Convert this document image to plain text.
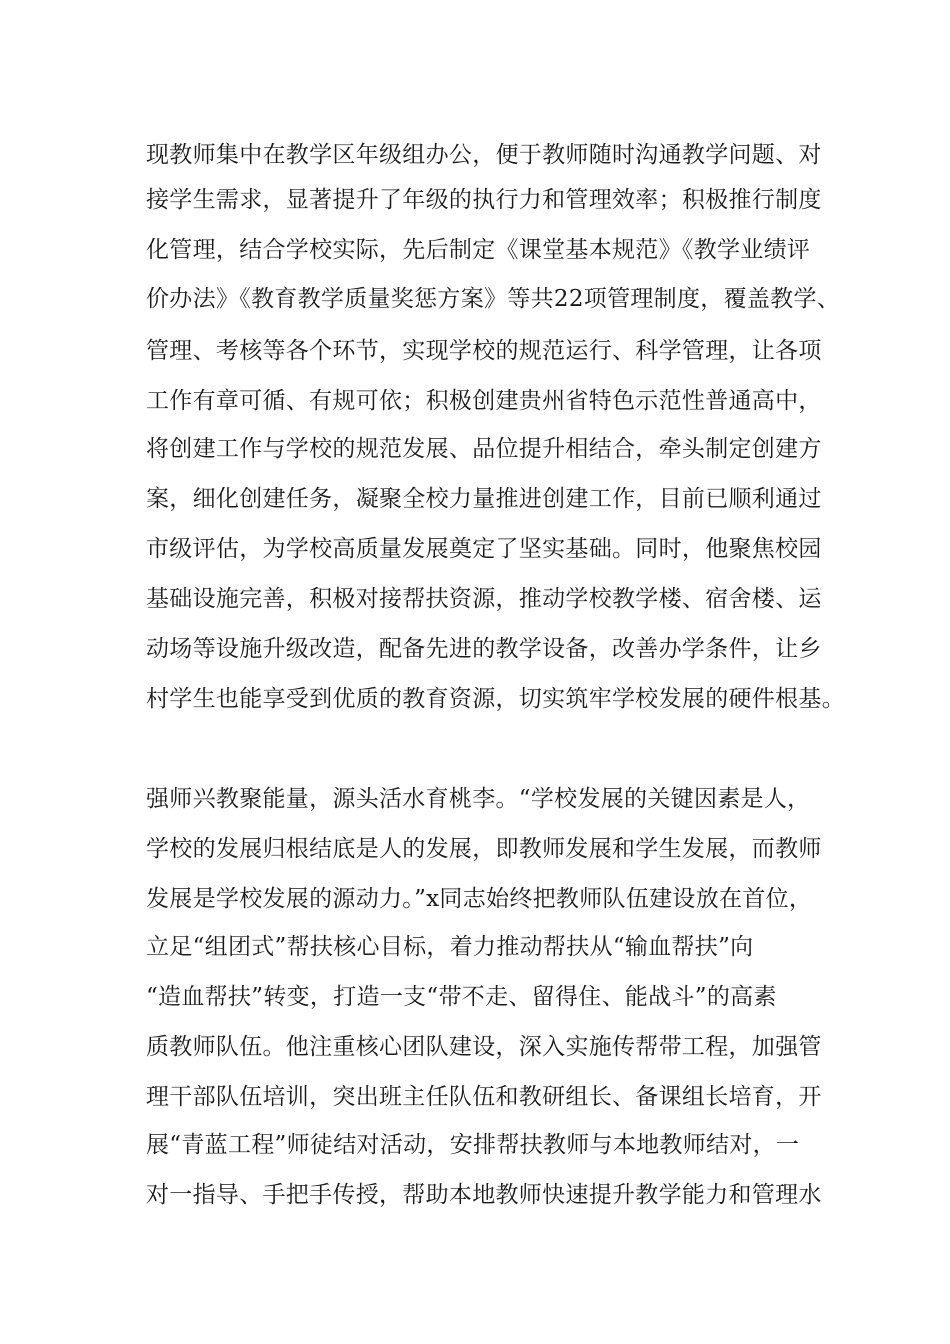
现教师集中在教学区年级组办公，便于教师随时沟通教学问题、对
接学生需求，显著提升了年级的执行力和管理效率；积极推行制度
化管理，结合学校实际，先后制定《课堂基本规范》《教学业绩评
价办法》《教育教学质量奖惩方案》等共22项管理制度，覆盖教学、
管理、考核等各个环节，实现学校的规范运行、科学管理，让各项
工作有章可循、有规可依；积极创建贵州省特色示范性普通高中，
将创建工作与学校的规范发展、品位提升相结合，牵头制定创建方
案，细化创建任务，凝聚全校力量推进创建工作，目前已顺利通过
市级评估，为学校高质量发展奠定了坚实基础。同时，他聚焦校园
基础设施完善，积极对接帮扶资源，推动学校教学楼、宿舍楼、运
动场等设施升级改造，配备先进的教学设备，改善办学条件，让乡
村学生也能享受到优质的教育资源，切实筑牢学校发展的硬件根基。
强师兴教聚能量，源头活水育桃李。“学校发展的关键因素是人，
学校的发展归根结底是人的发展，即教师发展和学生发展，而教师
发展是学校发展的源动力。”x同志始终把教师队伍建设放在首位，
立足“组团式”帮扶核心目标，着力推动帮扶从“输血帮扶”向
“造血帮扶”转变，打造一支“带不走、留得住、能战斗”的高素
质教师队伍。他注重核心团队建设，深入实施传帮带工程，加强管
理干部队伍培训，突出班主任队伍和教研组长、备课组长培育，开
展“青蓝工程”师徒结对活动，安排帮扶教师与本地教师结对，一
对一指导、手把手传授，帮助本地教师快速提升教学能力和管理水
